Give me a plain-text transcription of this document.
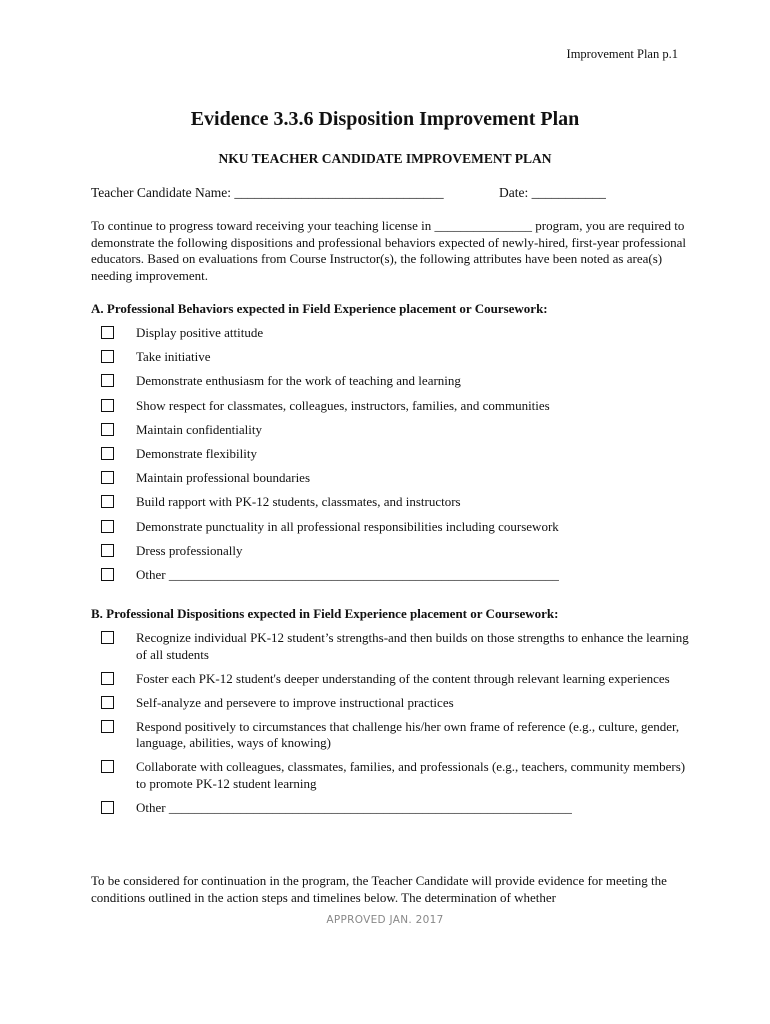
Improvement Plan p.1
Evidence 3.3.6 Disposition Improvement Plan
NKU TEACHER CANDIDATE IMPROVEMENT PLAN
Teacher Candidate Name: _______________________________	Date: ___________
To continue to progress toward receiving your teaching license in _______________ program, you are required to demonstrate the following dispositions and professional behaviors expected of newly-hired, first-year professional educators. Based on evaluations from Course Instructor(s), the following attributes have been noted as area(s) needing improvement.
A. Professional Behaviors expected in Field Experience placement or Coursework:
Display positive attitude
Take initiative
Demonstrate enthusiasm for the work of teaching and learning
Show respect for classmates, colleagues, instructors, families, and communities
Maintain confidentiality
Demonstrate flexibility
Maintain professional boundaries
Build rapport with PK-12 students, classmates, and instructors
Demonstrate punctuality in all professional responsibilities including coursework
Dress professionally
Other ____________________________________________________________
B. Professional Dispositions expected in Field Experience placement or Coursework:
Recognize individual PK-12 student’s strengths-and then builds on those strengths to enhance the learning of all students
Foster each PK-12 student's deeper understanding of the content through relevant learning experiences
Self-analyze and persevere to improve instructional practices
Respond positively to circumstances that challenge his/her own frame of reference (e.g., culture, gender, language, abilities, ways of knowing)
Collaborate with colleagues, classmates, families, and professionals (e.g., teachers, community members) to promote PK-12 student learning
Other ______________________________________________________________
To be considered for continuation in the program, the Teacher Candidate will provide evidence for meeting the conditions outlined in the action steps and timelines below. The determination of whether
APPROVED JAN. 2017
